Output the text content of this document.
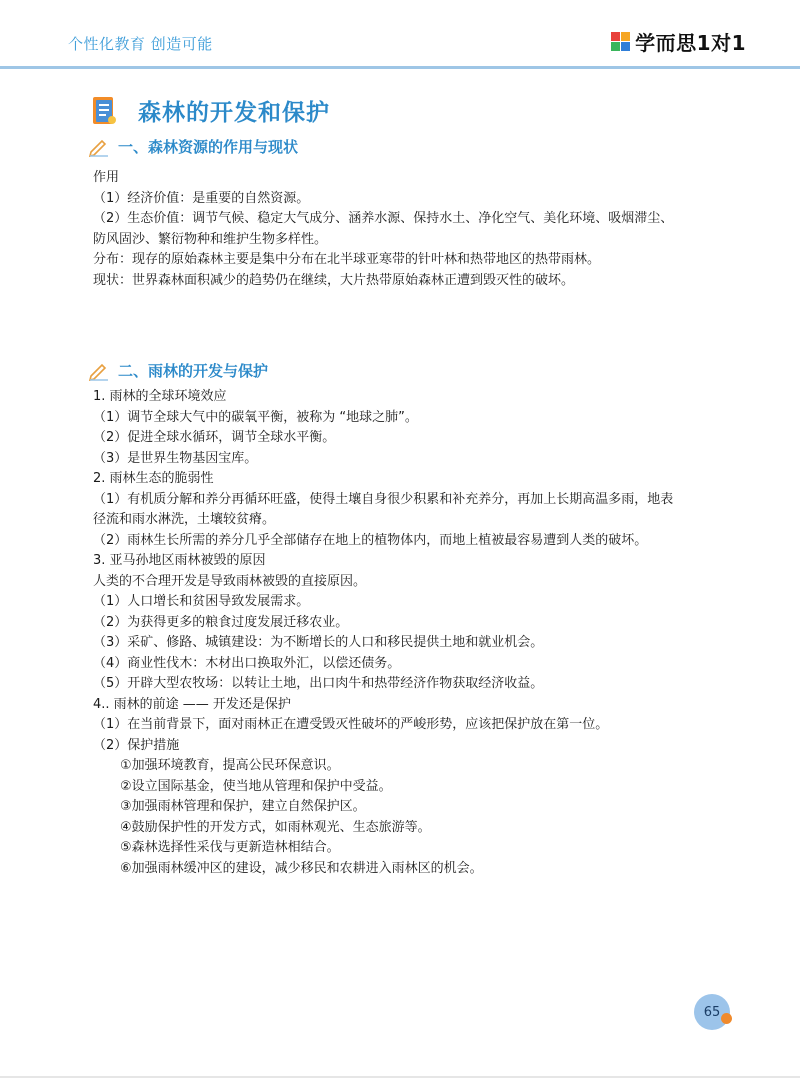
个性化教育 创造可能	学而思1对1
森林的开发和保护
一、森林资源的作用与现状
作用
（1）经济价值：是重要的自然资源。
（2）生态价值：调节气候、稳定大气成分、涵养水源、保持水土、净化空气、美化环境、吸烟滞尘、
防风固沙、繁衍物种和维护生物多样性。
分布：现存的原始森林主要是集中分布在北半球亚寒带的针叶林和热带地区的热带雨林。
现状：世界森林面积减少的趋势仍在继续，大片热带原始森林正遭到毁灭性的破坏。
二、雨林的开发与保护
1. 雨林的全球环境效应
（1）调节全球大气中的碳氧平衡，被称为 “地球之肺”。
（2）促进全球水循环，调节全球水平衡。
（3）是世界生物基因宝库。
2. 雨林生态的脆弱性
（1）有机质分解和养分再循环旺盛，使得土壤自身很少积累和补充养分，再加上长期高温多雨，地表
径流和雨水淋洗，土壤较贫瘠。
（2）雨林生长所需的养分几乎全部储存在地上的植物体内，而地上植被最容易遭到人类的破坏。
3. 亚马孙地区雨林被毁的原因
人类的不合理开发是导致雨林被毁的直接原因。
（1）人口增长和贫困导致发展需求。
（2）为获得更多的粮食过度发展迁移农业。
（3）采矿、修路、城镇建设：为不断增长的人口和移民提供土地和就业机会。
（4）商业性伐木：木材出口换取外汇，以偿还债务。
（5）开辟大型农牧场：以转让土地，出口肉牛和热带经济作物获取经济收益。
4.. 雨林的前途 —— 开发还是保护
（1）在当前背景下，面对雨林正在遭受毁灭性破坏的严峻形势，应该把保护放在第一位。
（2）保护措施
①加强环境教育，提高公民环保意识。
②设立国际基金，使当地从管理和保护中受益。
③加强雨林管理和保护，建立自然保护区。
④鼓励保护性的开发方式，如雨林观光、生态旅游等。
⑤森林选择性采伐与更新造林相结合。
⑥加强雨林缓冲区的建设，减少移民和农耕进入雨林区的机会。
65
